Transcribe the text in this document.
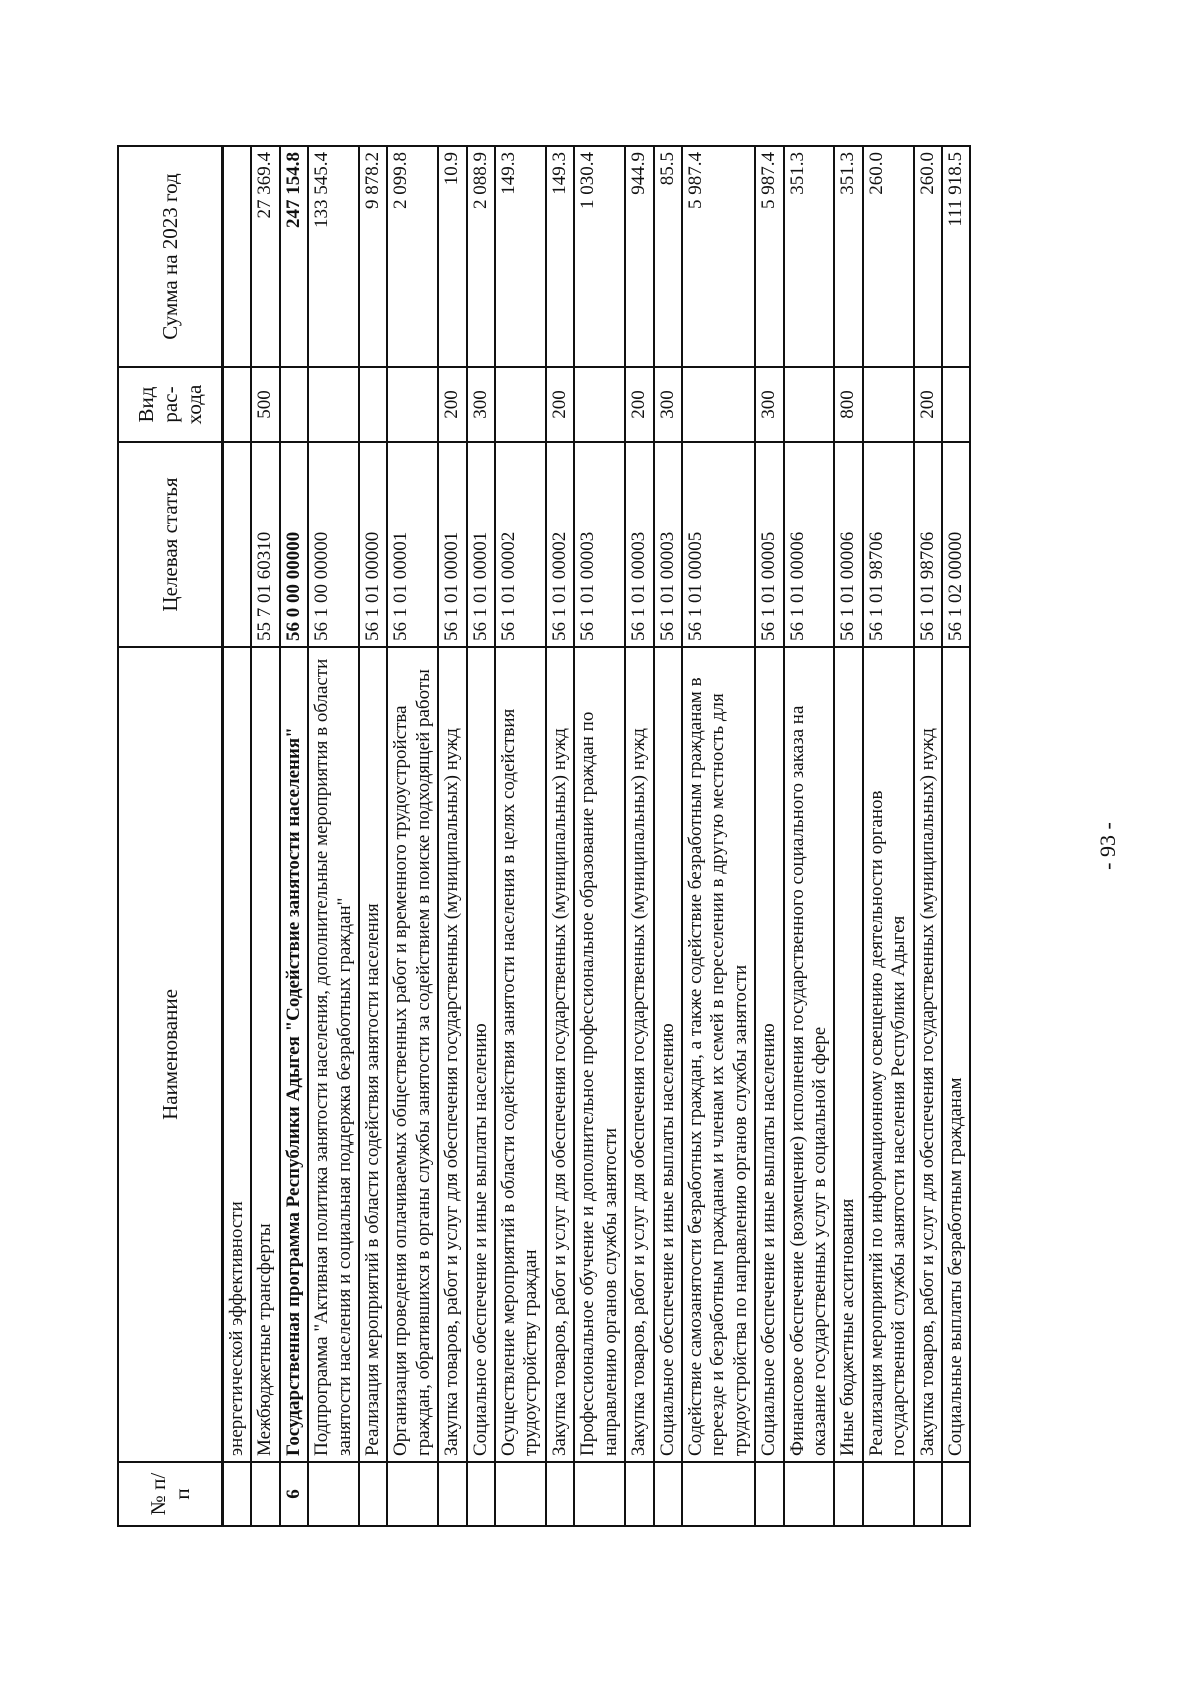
- 93 -
№ п/п	Наименование	Целевая статья	Вид рас-хода	Сумма на 2023 год
	энергетической эффективности			
	Межбюджетные трансферты	55 7 01 60310	500	27 369.4
6	Государственная программа Республики Адыгея "Содействие занятости населения"	56 0 00 00000		247 154.8
	Подпрограмма "Активная политика занятости населения, дополнительные мероприятия в области занятости населения и социальная поддержка безработных граждан"	56 1 00 00000		133 545.4
	Реализация мероприятий в области содействия занятости населения	56 1 01 00000		9 878.2
	Организация проведения оплачиваемых общественных работ и временного трудоустройства граждан, обратившихся в органы службы занятости за содействием в поиске подходящей работы	56 1 01 00001		2 099.8
	Закупка товаров, работ и услуг для обеспечения государственных (муниципальных) нужд	56 1 01 00001	200	10.9
	Социальное обеспечение и иные выплаты населению	56 1 01 00001	300	2 088.9
	Осуществление мероприятий в области содействия занятости населения в целях содействия трудоустройству граждан	56 1 01 00002		149.3
	Закупка товаров, работ и услуг для обеспечения государственных (муниципальных) нужд	56 1 01 00002	200	149.3
	Профессиональное обучение и дополнительное профессиональное образование граждан по направлению органов службы занятости	56 1 01 00003		1 030.4
	Закупка товаров, работ и услуг для обеспечения государственных (муниципальных) нужд	56 1 01 00003	200	944.9
	Социальное обеспечение и иные выплаты населению	56 1 01 00003	300	85.5
	Содействие самозанятости безработных граждан, а также содействие безработным гражданам в переезде и безработным гражданам и членам их семей в переселении в другую местность для трудоустройства по направлению органов службы занятости	56 1 01 00005		5 987.4
	Социальное обеспечение и иные выплаты населению	56 1 01 00005	300	5 987.4
	Финансовое обеспечение (возмещение) исполнения государственного социального заказа на оказание государственных услуг в социальной сфере	56 1 01 00006		351.3
	Иные бюджетные ассигнования	56 1 01 00006	800	351.3
	Реализация мероприятий по информационному освещению деятельности органов государственной службы занятости населения Республики Адыгея	56 1 01 98706		260.0
	Закупка товаров, работ и услуг для обеспечения государственных (муниципальных) нужд	56 1 01 98706	200	260.0
	Социальные выплаты безработным гражданам	56 1 02 00000		111 918.5
